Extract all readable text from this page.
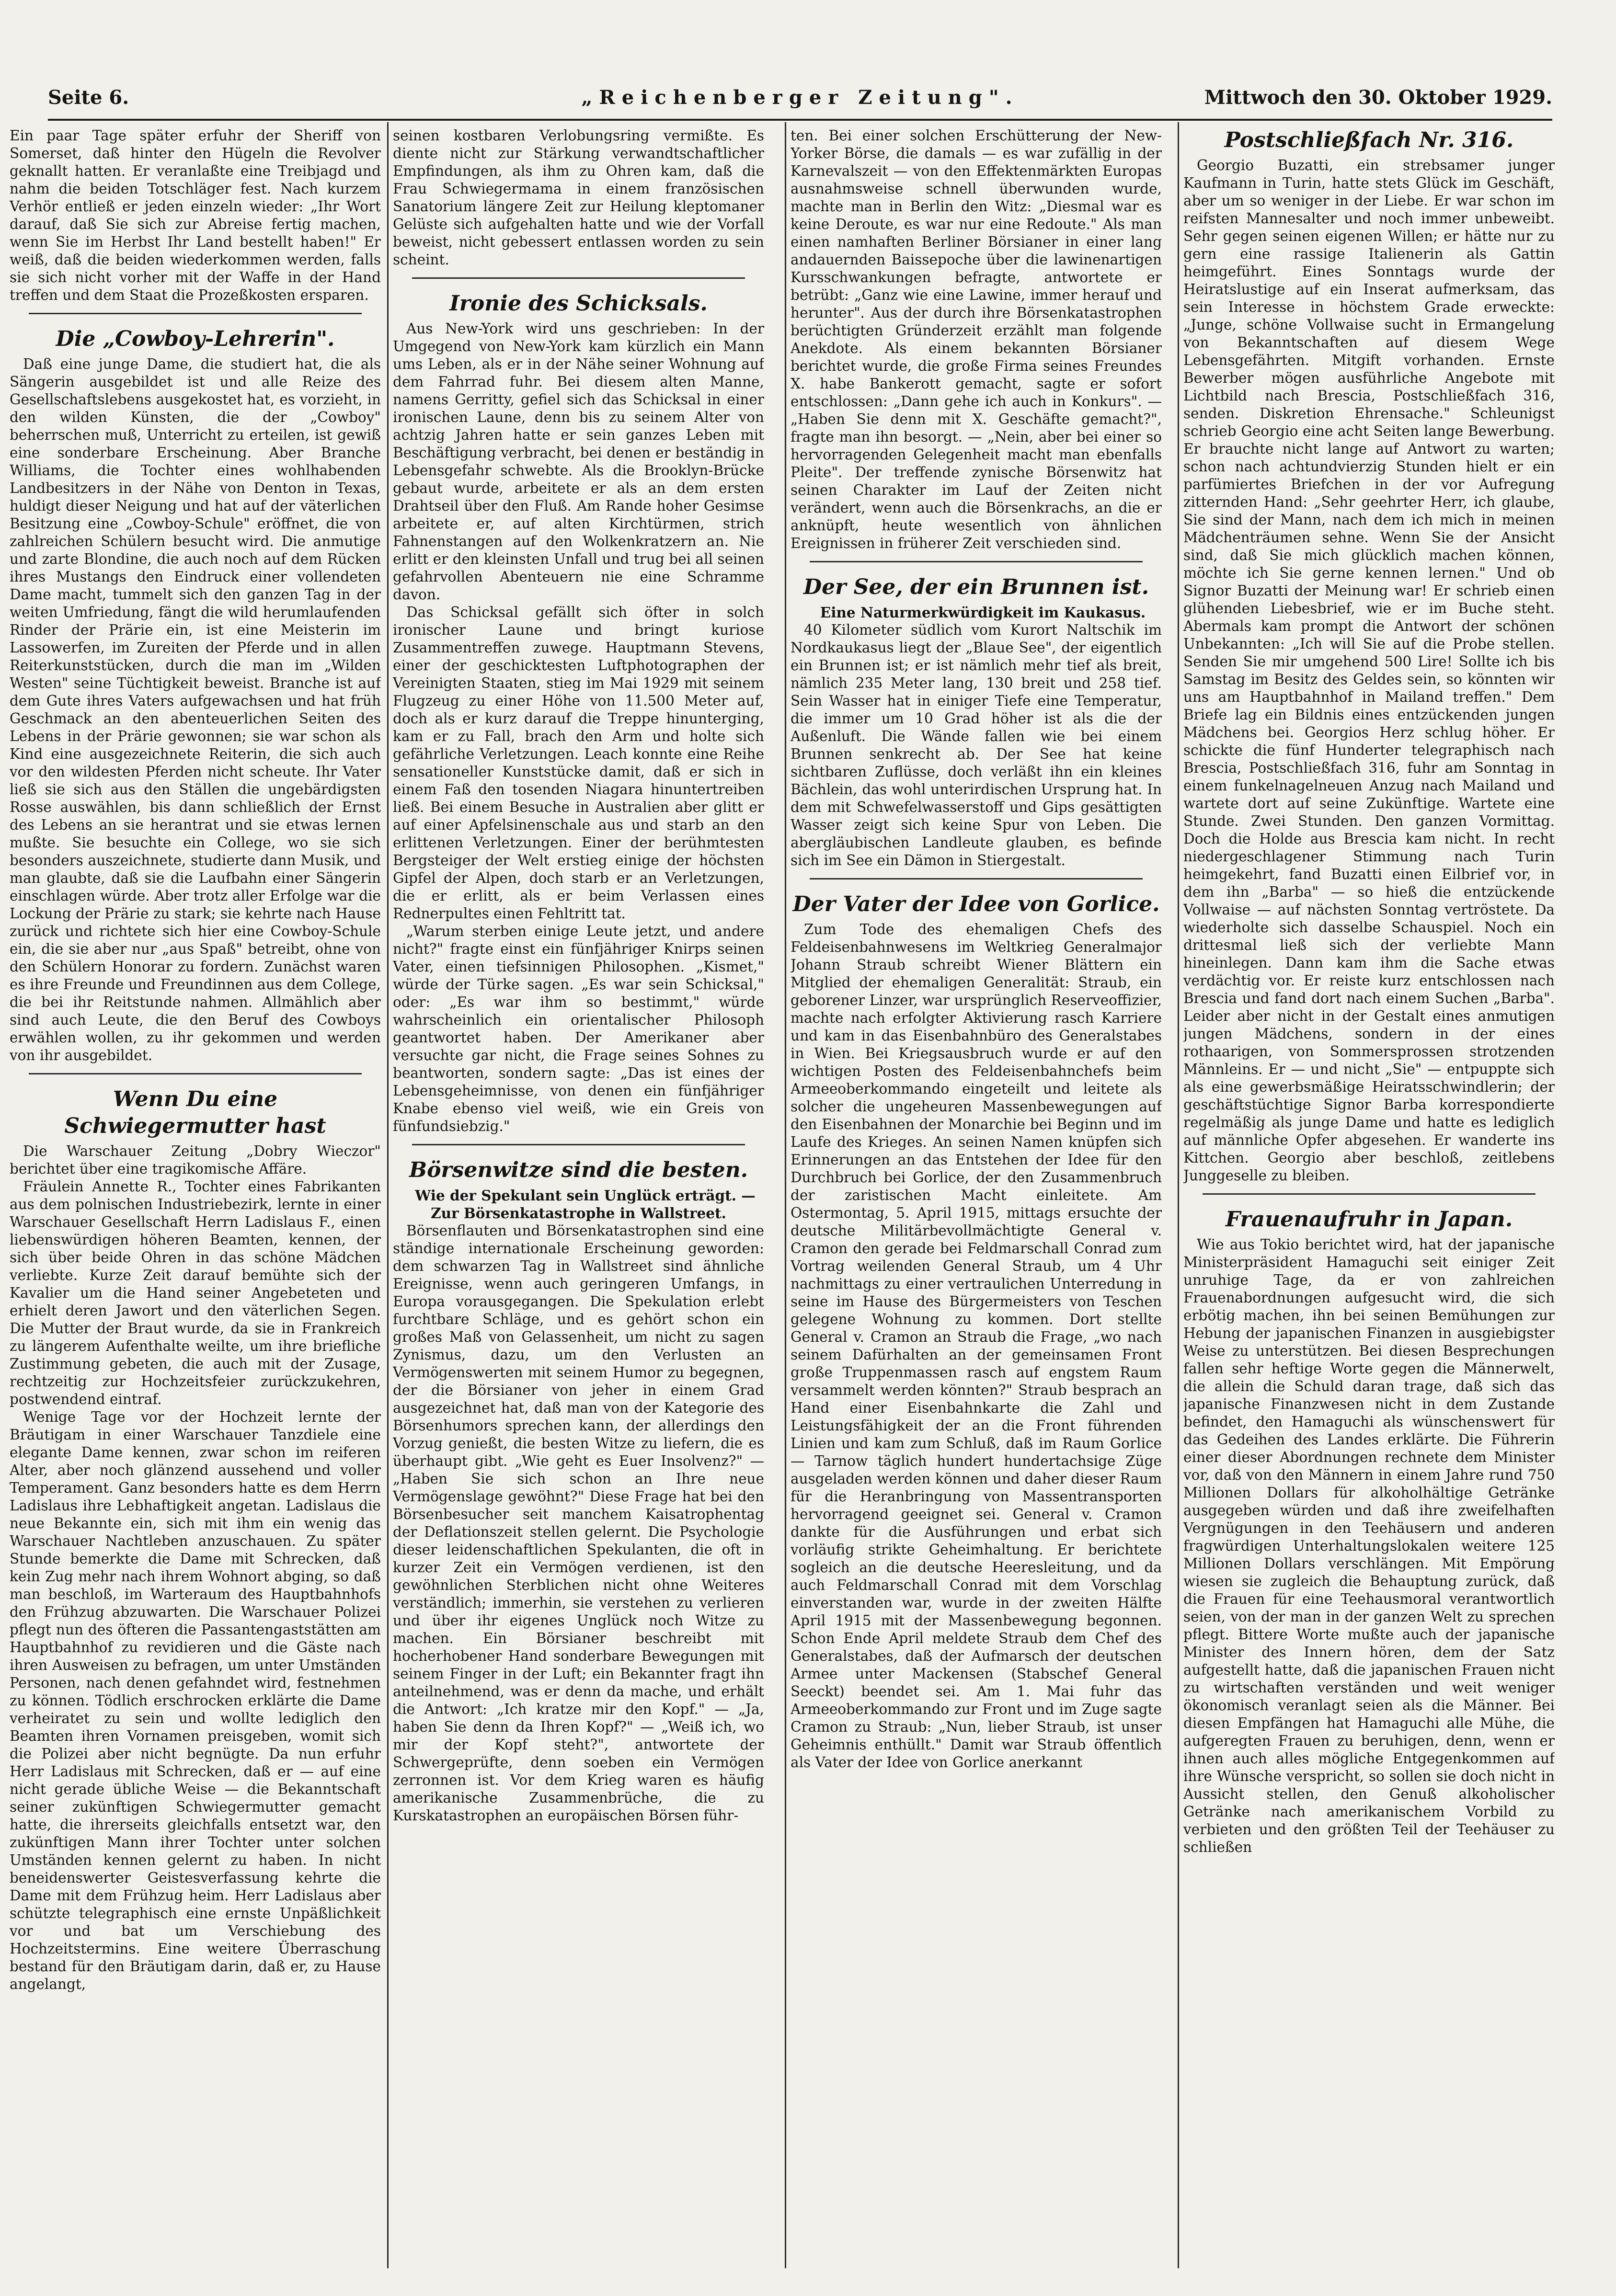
Seite 6.	„Reichenberger Zeitung".	Mittwoch den 30. Oktober 1929.

Ein paar Tage später erfuhr der Sheriff von Somerset, daß hinter den Hügeln die Revolver geknallt hatten. Er veranlaßte eine Treibjagd und nahm die beiden Totschläger fest. Nach kurzem Verhör entließ er jeden einzeln wieder: „Ihr Wort darauf, daß Sie sich zur Abreise fertig machen, wenn Sie im Herbst Ihr Land bestellt haben!" Er weiß, daß die beiden wiederkommen werden, falls sie sich nicht vorher mit der Waffe in der Hand treffen und dem Staat die Prozeßkosten ersparen.

Die „Cowboy-Lehrerin".

Daß eine junge Dame, die studiert hat, die als Sängerin ausgebildet ist und alle Reize des Gesellschaftslebens ausgekostet hat, es vorzieht, in den wilden Künsten, die der „Cowboy" beherrschen muß, Unterricht zu erteilen, ist gewiß eine sonderbare Erscheinung. Aber Branche Williams, die Tochter eines wohlhabenden Landbesitzers in der Nähe von Denton in Texas, huldigt dieser Neigung und hat auf der väterlichen Besitzung eine „Cowboy-Schule" eröffnet, die von zahlreichen Schülern besucht wird. Die anmutige und zarte Blondine, die auch noch auf dem Rücken ihres Mustangs den Eindruck einer vollendeten Dame macht, tummelt sich den ganzen Tag in der weiten Umfriedung, fängt die wild herumlaufenden Rinder der Prärie ein, ist eine Meisterin im Lassowerfen, im Zureiten der Pferde und in allen Reiterkunststücken, durch die man im „Wilden Westen" seine Tüchtigkeit beweist. Branche ist auf dem Gute ihres Vaters aufgewachsen und hat früh Geschmack an den abenteuerlichen Seiten des Lebens in der Prärie gewonnen; sie war schon als Kind eine ausgezeichnete Reiterin, die sich auch vor den wildesten Pferden nicht scheute. Ihr Vater ließ sie sich aus den Ställen die ungebärdigsten Rosse auswählen, bis dann schließlich der Ernst des Lebens an sie herantrat und sie etwas lernen mußte. Sie besuchte ein College, wo sie sich besonders auszeichnete, studierte dann Musik, und man glaubte, daß sie die Laufbahn einer Sängerin einschlagen würde. Aber trotz aller Erfolge war die Lockung der Prärie zu stark; sie kehrte nach Hause zurück und richtete sich hier eine Cowboy-Schule ein, die sie aber nur „aus Spaß" betreibt, ohne von den Schülern Honorar zu fordern. Zunächst waren es ihre Freunde und Freundinnen aus dem College, die bei ihr Reitstunde nahmen. Allmählich aber sind auch Leute, die den Beruf des Cowboys erwählen wollen, zu ihr gekommen und werden von ihr ausgebildet.

Wenn Du eine Schwiegermutter hast

Die Warschauer Zeitung „Dobry Wieczor" berichtet über eine tragikomische Affäre.

Fräulein Annette R., Tochter eines Fabrikanten aus dem polnischen Industriebezirk, lernte in einer Warschauer Gesellschaft Herrn Ladislaus F., einen liebenswürdigen höheren Beamten, kennen, der sich über beide Ohren in das schöne Mädchen verliebte. Kurze Zeit darauf bemühte sich der Kavalier um die Hand seiner Angebeteten und erhielt deren Jawort und den väterlichen Segen. Die Mutter der Braut wurde, da sie in Frankreich zu längerem Aufenthalte weilte, um ihre briefliche Zustimmung gebeten, die auch mit der Zusage, rechtzeitig zur Hochzeitsfeier zurückzukehren, postwendend eintraf.

Wenige Tage vor der Hochzeit lernte der Bräutigam in einer Warschauer Tanzdiele eine elegante Dame kennen, zwar schon im reiferen Alter, aber noch glänzend aussehend und voller Temperament. Ganz besonders hatte es dem Herrn Ladislaus ihre Lebhaftigkeit angetan. Ladislaus die neue Bekannte ein, sich mit ihm ein wenig das Warschauer Nachtleben anzuschauen. Zu später Stunde bemerkte die Dame mit Schrecken, daß kein Zug mehr nach ihrem Wohnort abging, so daß man beschloß, im Warteraum des Hauptbahnhofs den Frühzug abzuwarten. Die Warschauer Polizei pflegt nun des öfteren die Passantengaststätten am Hauptbahnhof zu revidieren und die Gäste nach ihren Ausweisen zu befragen, um unter Umständen Personen, nach denen gefahndet wird, festnehmen zu können. Tödlich erschrocken erklärte die Dame verheiratet zu sein und wollte lediglich den Beamten ihren Vornamen preisgeben, womit sich die Polizei aber nicht begnügte. Da nun erfuhr Herr Ladislaus mit Schrecken, daß er — auf eine nicht gerade übliche Weise — die Bekanntschaft seiner zukünftigen Schwiegermutter gemacht hatte, die ihrerseits gleichfalls entsetzt war, den zukünftigen Mann ihrer Tochter unter solchen Umständen kennen gelernt zu haben. In nicht beneidenswerter Geistesverfassung kehrte die Dame mit dem Frühzug heim. Herr Ladislaus aber schützte telegraphisch eine ernste Unpäßlichkeit vor und bat um Verschiebung des Hochzeitstermins. Eine weitere Überraschung bestand für den Bräutigam darin, daß er, zu Hause angelangt,

seinen kostbaren Verlobungsring vermißte. Es diente nicht zur Stärkung verwandtschaftlicher Empfindungen, als ihm zu Ohren kam, daß die Frau Schwiegermama in einem französischen Sanatorium längere Zeit zur Heilung kleptomaner Gelüste sich aufgehalten hatte und wie der Vorfall beweist, nicht gebessert entlassen worden zu sein scheint.

Ironie des Schicksals.

Aus New-York wird uns geschrieben: In der Umgegend von New-York kam kürzlich ein Mann ums Leben, als er in der Nähe seiner Wohnung auf dem Fahrrad fuhr. Bei diesem alten Manne, namens Gerritty, gefiel sich das Schicksal in einer ironischen Laune, denn bis zu seinem Alter von achtzig Jahren hatte er sein ganzes Leben mit Beschäftigung verbracht, bei denen er beständig in Lebensgefahr schwebte. Als die Brooklyn-Brücke gebaut wurde, arbeitete er als an dem ersten Drahtseil über den Fluß. Am Rande hoher Gesimse arbeitete er, auf alten Kirchtürmen, strich Fahnenstangen auf den Wolkenkratzern an. Nie erlitt er den kleinsten Unfall und trug bei all seinen gefahrvollen Abenteuern nie eine Schramme davon.

Das Schicksal gefällt sich öfter in solch ironischer Laune und bringt kuriose Zusammentreffen zuwege. Hauptmann Stevens, einer der geschicktesten Luftphotographen der Vereinigten Staaten, stieg im Mai 1929 mit seinem Flugzeug zu einer Höhe von 11.500 Meter auf, doch als er kurz darauf die Treppe hinunterging, kam er zu Fall, brach den Arm und holte sich gefährliche Verletzungen. Leach konnte eine Reihe sensationeller Kunststücke damit, daß er sich in einem Faß den tosenden Niagara hinuntertreiben ließ. Bei einem Besuche in Australien aber glitt er auf einer Apfelsinenschale aus und starb an den erlittenen Verletzungen. Einer der berühmtesten Bergsteiger der Welt erstieg einige der höchsten Gipfel der Alpen, doch starb er an Verletzungen, die er erlitt, als er beim Verlassen eines Rednerpultes einen Fehltritt tat.

„Warum sterben einige Leute jetzt, und andere nicht?" fragte einst ein fünfjähriger Knirps seinen Vater, einen tiefsinnigen Philosophen. „Kismet," würde der Türke sagen. „Es war sein Schicksal," oder: „Es war ihm so bestimmt," würde wahrscheinlich ein orientalischer Philosoph geantwortet haben. Der Amerikaner aber versuchte gar nicht, die Frage seines Sohnes zu beantworten, sondern sagte: „Das ist eines der Lebensgeheimnisse, von denen ein fünfjähriger Knabe ebenso viel weiß, wie ein Greis von fünfundsiebzig."

Börsenwitze sind die besten.

Wie der Spekulant sein Unglück erträgt. — Zur Börsenkatastrophe in Wallstreet.

Börsenflauten und Börsenkatastrophen sind eine ständige internationale Erscheinung geworden: dem schwarzen Tag in Wallstreet sind ähnliche Ereignisse, wenn auch geringeren Umfangs, in Europa vorausgegangen. Die Spekulation erlebt furchtbare Schläge, und es gehört schon ein großes Maß von Gelassenheit, um nicht zu sagen Zynismus, dazu, um den Verlusten an Vermögenswerten mit seinem Humor zu begegnen, der die Börsianer von jeher in einem Grad ausgezeichnet hat, daß man von der Kategorie des Börsenhumors sprechen kann, der allerdings den Vorzug genießt, die besten Witze zu liefern, die es überhaupt gibt. „Wie geht es Euer Insolvenz?" — „Haben Sie sich schon an Ihre neue Vermögenslage gewöhnt?" Diese Frage hat bei den Börsenbesucher seit manchem Kaisatrophentag der Deflationszeit stellen gelernt. Die Psychologie dieser leidenschaftlichen Spekulanten, die oft in kurzer Zeit ein Vermögen verdienen, ist den gewöhnlichen Sterblichen nicht ohne Weiteres verständlich; immerhin, sie verstehen zu verlieren und über ihr eigenes Unglück noch Witze zu machen. Ein Börsianer beschreibt mit hocherhobener Hand sonderbare Bewegungen mit seinem Finger in der Luft; ein Bekannter fragt ihn anteilnehmend, was er denn da mache, und erhält die Antwort: „Ich kratze mir den Kopf." — „Ja, haben Sie denn da Ihren Kopf?" — „Weiß ich, wo mir der Kopf steht?", antwortete der Schwergeprüfte, denn soeben ein Vermögen zerronnen ist. Vor dem Krieg waren es häufig amerikanische Zusammenbrüche, die zu Kurskatastrophen an europäischen Börsen führ-

ten. Bei einer solchen Erschütterung der New-Yorker Börse, die damals — es war zufällig in der Karnevalszeit — von den Effektenmärkten Europas ausnahmsweise schnell überwunden wurde, machte man in Berlin den Witz: „Diesmal war es keine Deroute, es war nur eine Redoute." Als man einen namhaften Berliner Börsianer in einer lang andauernden Baissepoche über die lawinenartigen Kursschwankungen befragte, antwortete er betrübt: „Ganz wie eine Lawine, immer herauf und herunter". Aus der durch ihre Börsenkatastrophen berüchtigten Gründerzeit erzählt man folgende Anekdote. Als einem bekannten Börsianer berichtet wurde, die große Firma seines Freundes X. habe Bankerott gemacht, sagte er sofort entschlossen: „Dann gehe ich auch in Konkurs". — „Haben Sie denn mit X. Geschäfte gemacht?", fragte man ihn besorgt. — „Nein, aber bei einer so hervorragenden Gelegenheit macht man ebenfalls Pleite". Der treffende zynische Börsenwitz hat seinen Charakter im Lauf der Zeiten nicht verändert, wenn auch die Börsenkrachs, an die er anknüpft, heute wesentlich von ähnlichen Ereignissen in früherer Zeit verschieden sind.

Der See, der ein Brunnen ist.

Eine Naturmerkwürdigkeit im Kaukasus.

40 Kilometer südlich vom Kurort Naltschik im Nordkaukasus liegt der „Blaue See", der eigentlich ein Brunnen ist; er ist nämlich mehr tief als breit, nämlich 235 Meter lang, 130 breit und 258 tief. Sein Wasser hat in einiger Tiefe eine Temperatur, die immer um 10 Grad höher ist als die der Außenluft. Die Wände fallen wie bei einem Brunnen senkrecht ab. Der See hat keine sichtbaren Zuflüsse, doch verläßt ihn ein kleines Bächlein, das wohl unterirdischen Ursprung hat. In dem mit Schwefelwasserstoff und Gips gesättigten Wasser zeigt sich keine Spur von Leben. Die abergläubischen Landleute glauben, es befinde sich im See ein Dämon in Stiergestalt.

Der Vater der Idee von Gorlice.

Zum Tode des ehemaligen Chefs des Feldeisenbahnwesens im Weltkrieg Generalmajor Johann Straub schreibt Wiener Blättern ein Mitglied der ehemaligen Generalität: Straub, ein geborener Linzer, war ursprünglich Reserveoffizier, machte nach erfolgter Aktivierung rasch Karriere und kam in das Eisenbahnbüro des Generalstabes in Wien. Bei Kriegsausbruch wurde er auf den wichtigen Posten des Feldeisenbahnchefs beim Armeeoberkommando eingeteilt und leitete als solcher die ungeheuren Massenbewegungen auf den Eisenbahnen der Monarchie bei Beginn und im Laufe des Krieges. An seinen Namen knüpfen sich Erinnerungen an das Entstehen der Idee für den Durchbruch bei Gorlice, der den Zusammenbruch der zaristischen Macht einleitete. Am Ostermontag, 5. April 1915, mittags ersuchte der deutsche Militärbevollmächtigte General v. Cramon den gerade bei Feldmarschall Conrad zum Vortrag weilenden General Straub, um 4 Uhr nachmittags zu einer vertraulichen Unterredung in seine im Hause des Bürgermeisters von Teschen gelegene Wohnung zu kommen. Dort stellte General v. Cramon an Straub die Frage, „wo nach seinem Dafürhalten an der gemeinsamen Front große Truppenmassen rasch auf engstem Raum versammelt werden könnten?" Straub besprach an Hand einer Eisenbahnkarte die Zahl und Leistungsfähigkeit der an die Front führenden Linien und kam zum Schluß, daß im Raum Gorlice — Tarnow täglich hundert hundertachsige Züge ausgeladen werden können und daher dieser Raum für die Heranbringung von Massentransporten hervorragend geeignet sei. General v. Cramon dankte für die Ausführungen und erbat sich vorläufig strikte Geheimhaltung. Er berichtete sogleich an die deutsche Heeresleitung, und da auch Feldmarschall Conrad mit dem Vorschlag einverstanden war, wurde in der zweiten Hälfte April 1915 mit der Massenbewegung begonnen. Schon Ende April meldete Straub dem Chef des Generalstabes, daß der Aufmarsch der deutschen Armee unter Mackensen (Stabschef General Seeckt) beendet sei. Am 1. Mai fuhr das Armeeoberkommando zur Front und im Zuge sagte Cramon zu Straub: „Nun, lieber Straub, ist unser Geheimnis enthüllt." Damit war Straub öffentlich als Vater der Idee von Gorlice anerkannt

Postschließfach Nr. 316.

Georgio Buzatti, ein strebsamer junger Kaufmann in Turin, hatte stets Glück im Geschäft, aber um so weniger in der Liebe. Er war schon im reifsten Mannesalter und noch immer unbeweibt. Sehr gegen seinen eigenen Willen; er hätte nur zu gern eine rassige Italienerin als Gattin heimgeführt. Eines Sonntags wurde der Heiratslustige auf ein Inserat aufmerksam, das sein Interesse in höchstem Grade erweckte: „Junge, schöne Vollwaise sucht in Ermangelung von Bekanntschaften auf diesem Wege Lebensgefährten. Mitgift vorhanden. Ernste Bewerber mögen ausführliche Angebote mit Lichtbild nach Brescia, Postschließfach 316, senden. Diskretion Ehrensache." Schleunigst schrieb Georgio eine acht Seiten lange Bewerbung. Er brauchte nicht lange auf Antwort zu warten; schon nach achtundvierzig Stunden hielt er ein parfümiertes Briefchen in der vor Aufregung zitternden Hand: „Sehr geehrter Herr, ich glaube, Sie sind der Mann, nach dem ich mich in meinen Mädchenträumen sehne. Wenn Sie der Ansicht sind, daß Sie mich glücklich machen können, möchte ich Sie gerne kennen lernen." Und ob Signor Buzatti der Meinung war! Er schrieb einen glühenden Liebesbrief, wie er im Buche steht. Abermals kam prompt die Antwort der schönen Unbekannten: „Ich will Sie auf die Probe stellen. Senden Sie mir umgehend 500 Lire! Sollte ich bis Samstag im Besitz des Geldes sein, so könnten wir uns am Hauptbahnhof in Mailand treffen." Dem Briefe lag ein Bildnis eines entzückenden jungen Mädchens bei. Georgios Herz schlug höher. Er schickte die fünf Hunderter telegraphisch nach Brescia, Postschließfach 316, fuhr am Sonntag in einem funkelnagelneuen Anzug nach Mailand und wartete dort auf seine Zukünftige. Wartete eine Stunde. Zwei Stunden. Den ganzen Vormittag. Doch die Holde aus Brescia kam nicht. In recht niedergeschlagener Stimmung nach Turin heimgekehrt, fand Buzatti einen Eilbrief vor, in dem ihn „Barba" — so hieß die entzückende Vollwaise — auf nächsten Sonntag vertröstete. Da wiederholte sich dasselbe Schauspiel. Noch ein drittesmal ließ sich der verliebte Mann hineinlegen. Dann kam ihm die Sache etwas verdächtig vor. Er reiste kurz entschlossen nach Brescia und fand dort nach einem Suchen „Barba". Leider aber nicht in der Gestalt eines anmutigen jungen Mädchens, sondern in der eines rothaarigen, von Sommersprossen strotzenden Männleins. Er — und nicht „Sie" — entpuppte sich als eine gewerbsmäßige Heiratsschwindlerin; der geschäftstüchtige Signor Barba korrespondierte regelmäßig als junge Dame und hatte es lediglich auf männliche Opfer abgesehen. Er wanderte ins Kittchen. Georgio aber beschloß, zeitlebens Junggeselle zu bleiben.

Frauenaufruhr in Japan.

Wie aus Tokio berichtet wird, hat der japanische Ministerpräsident Hamaguchi seit einiger Zeit unruhige Tage, da er von zahlreichen Frauenabordnungen aufgesucht wird, die sich erbötig machen, ihn bei seinen Bemühungen zur Hebung der japanischen Finanzen in ausgiebigster Weise zu unterstützen. Bei diesen Besprechungen fallen sehr heftige Worte gegen die Männerwelt, die allein die Schuld daran trage, daß sich das japanische Finanzwesen nicht in dem Zustande befindet, den Hamaguchi als wünschenswert für das Gedeihen des Landes erklärte. Die Führerin einer dieser Abordnungen rechnete dem Minister vor, daß von den Männern in einem Jahre rund 750 Millionen Dollars für alkoholhältige Getränke ausgegeben würden und daß ihre zweifelhaften Vergnügungen in den Teehäusern und anderen fragwürdigen Unterhaltungslokalen weitere 125 Millionen Dollars verschlängen. Mit Empörung wiesen sie zugleich die Behauptung zurück, daß die Frauen für eine Teehausmoral verantwortlich seien, von der man in der ganzen Welt zu sprechen pflegt. Bittere Worte mußte auch der japanische Minister des Innern hören, dem der Satz aufgestellt hatte, daß die japanischen Frauen nicht zu wirtschaften verständen und weit weniger ökonomisch veranlagt seien als die Männer. Bei diesen Empfängen hat Hamaguchi alle Mühe, die aufgeregten Frauen zu beruhigen, denn, wenn er ihnen auch alles mögliche Entgegenkommen auf ihre Wünsche verspricht, so sollen sie doch nicht in Aussicht stellen, den Genuß alkoholischer Getränke nach amerikanischem Vorbild zu verbieten und den größten Teil der Teehäuser zu schließen
